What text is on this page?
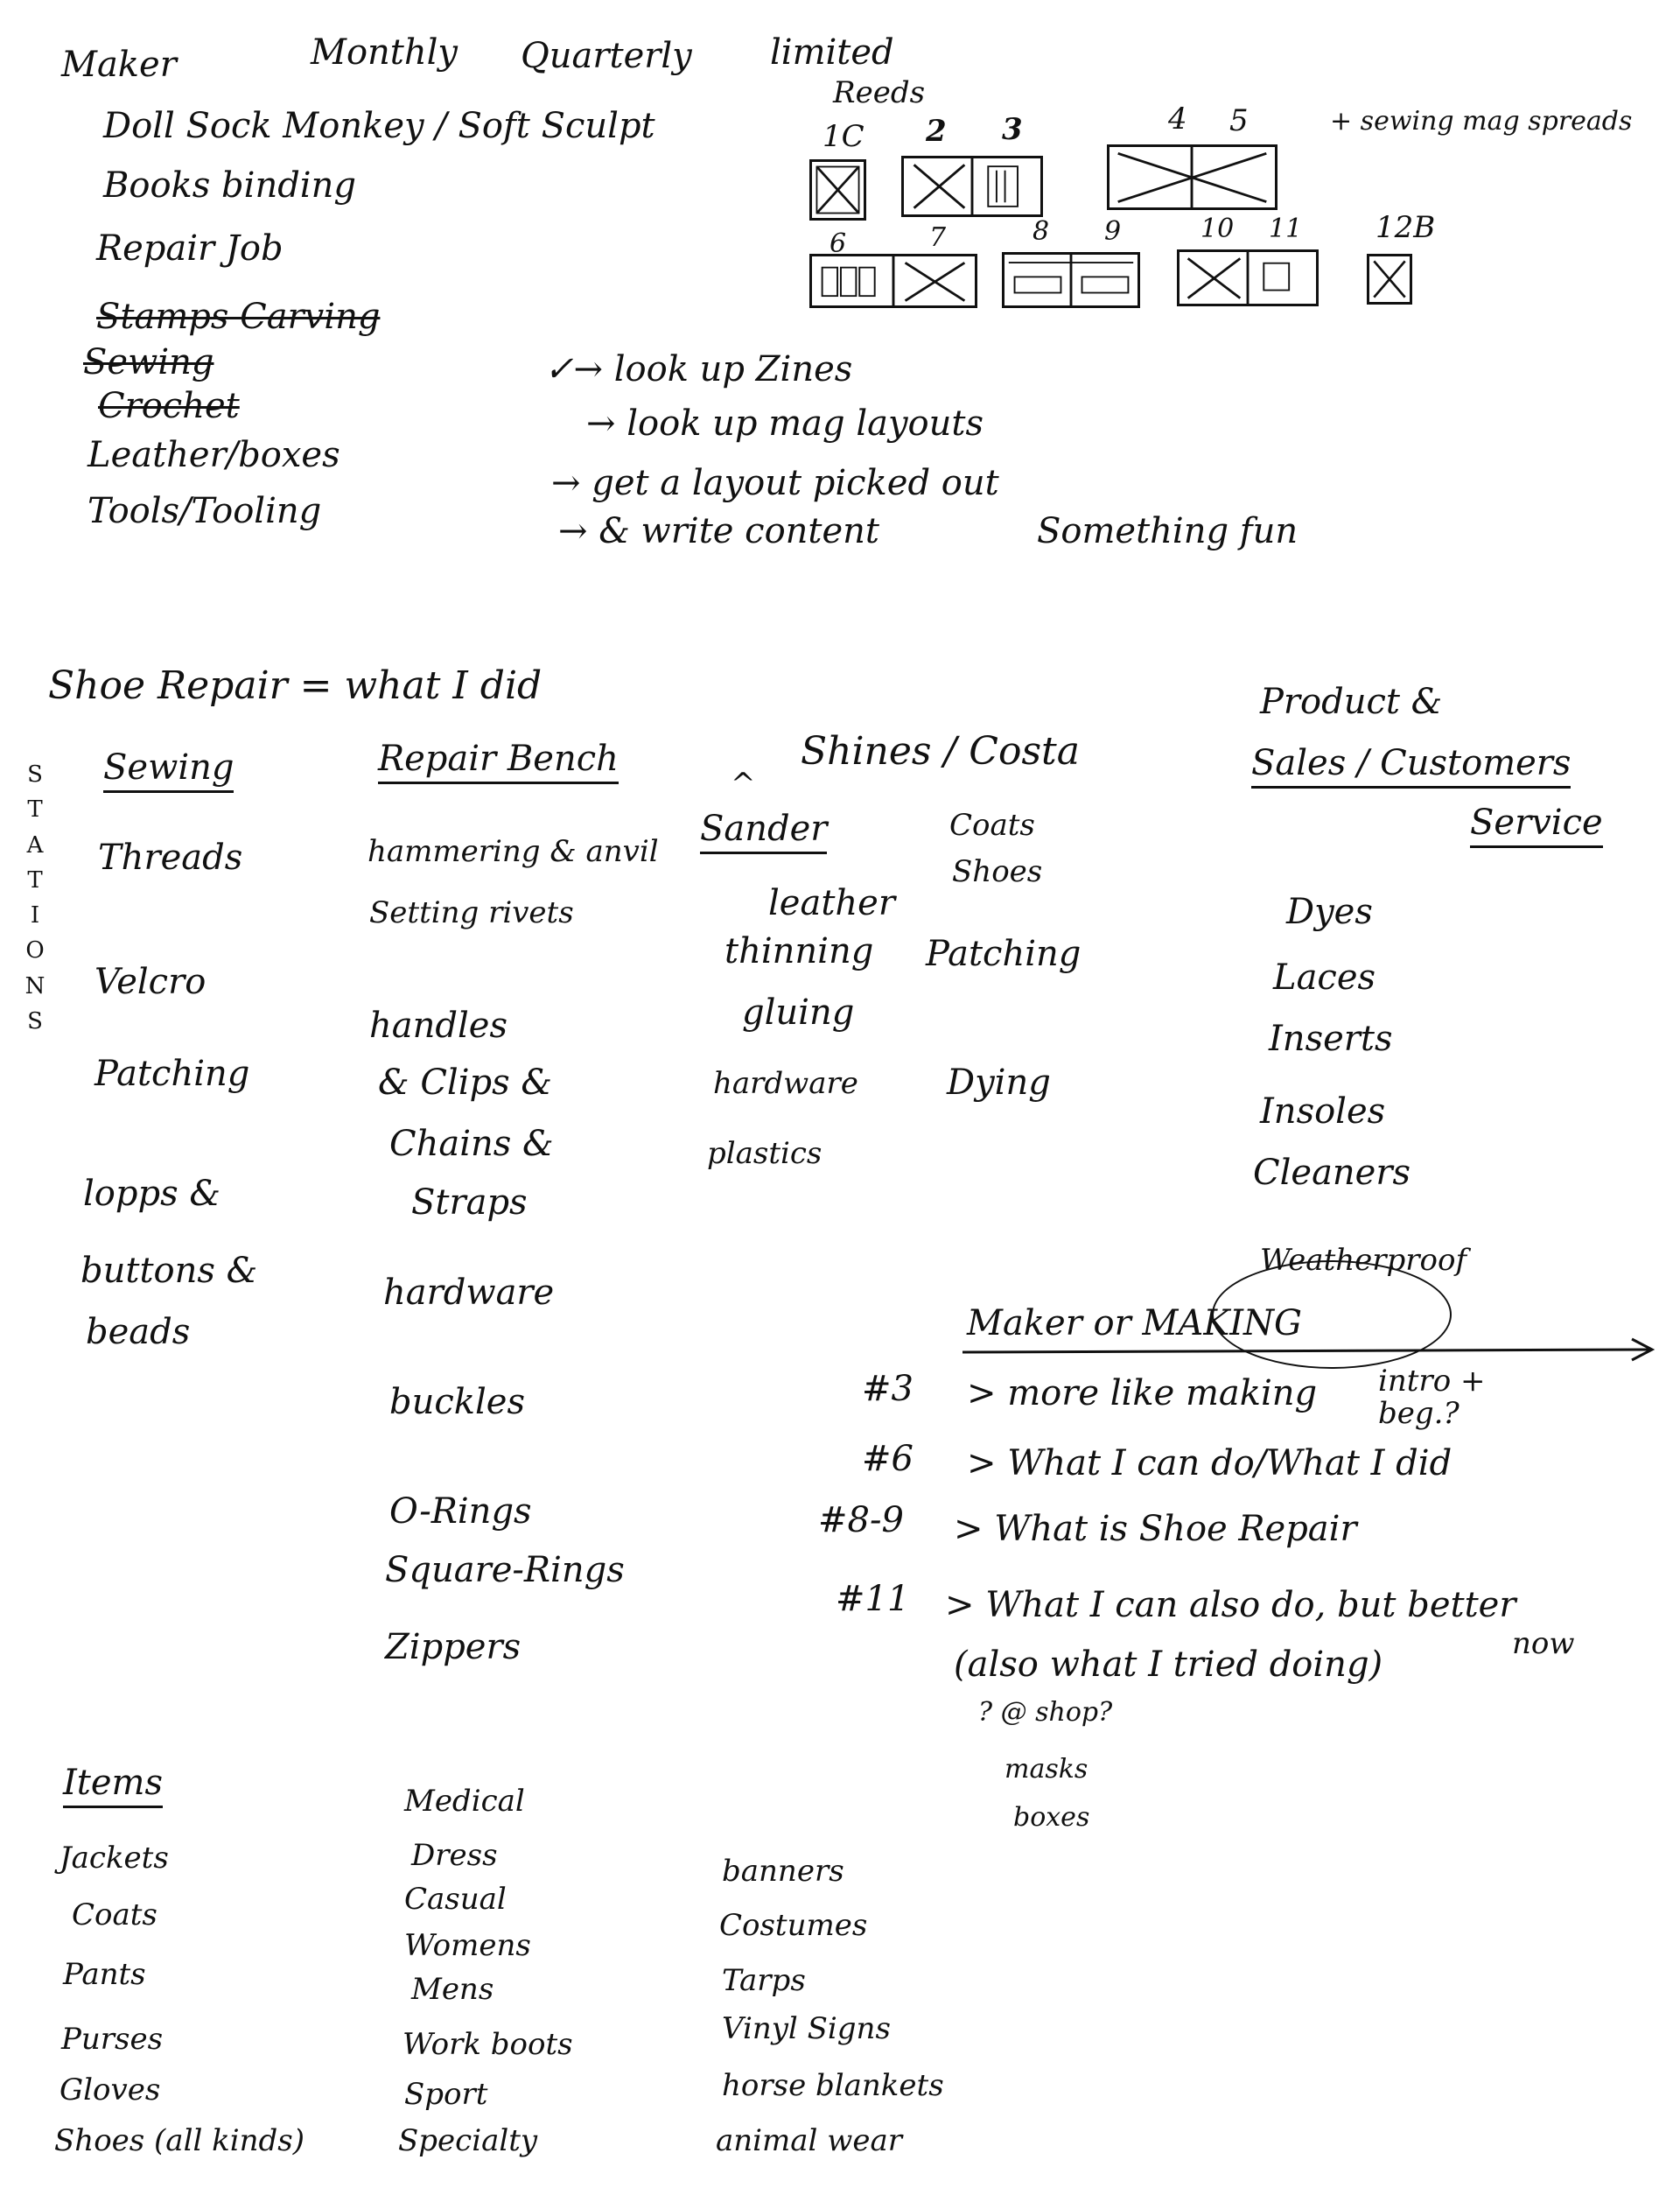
Maker	Monthly Quarterly limited
Reeds
+ sewing mag spreads
Doll Sock Monkey / Soft Sculpt
Books binding
Repair Job
Stamps Carving
Sewing
Crochet
Leather/boxes
Tools/Tooling
1C 2 3	4 5
6	7	8 9	10 11 12B
✓→ look up Zines
→ look up mag layouts
→ get a layout picked out
→ & write content	Something fun
Shoe Repair = what I did
S
T
A
T
I
O
N
S
Sewing
Threads
Velcro
Patching
lopps &
buttons &
beads
Repair Bench
hammering & anvil
Setting rivets
handles
& Clips &
Chains &
Straps
hardware
buckles
O-Rings
Square-Rings
Zippers
^
Sander
leather
thinning
gluing
hardware
plastics
Shines / Costa
Coats
Shoes
Patching
Dying
Product &
Sales / Customers
Service
Dyes
Laces
Inserts
Insoles
Cleaners
Weatherproof
Maker or MAKING
#3 > more like making intro + beg.?
#6 > What I can do/What I did
#8-9 > What is Shoe Repair
#11 > What I can also do, but better
now
(also what I tried doing)
? @ shop?
masks
boxes
Items
Jackets
Coats
Pants
Purses
Gloves
Shoes (all kinds)
Medical
Dress
Casual
Womens
Mens
Work boots
Sport
Specialty
banners
Costumes
Tarps
Vinyl Signs
horse blankets
animal wear
